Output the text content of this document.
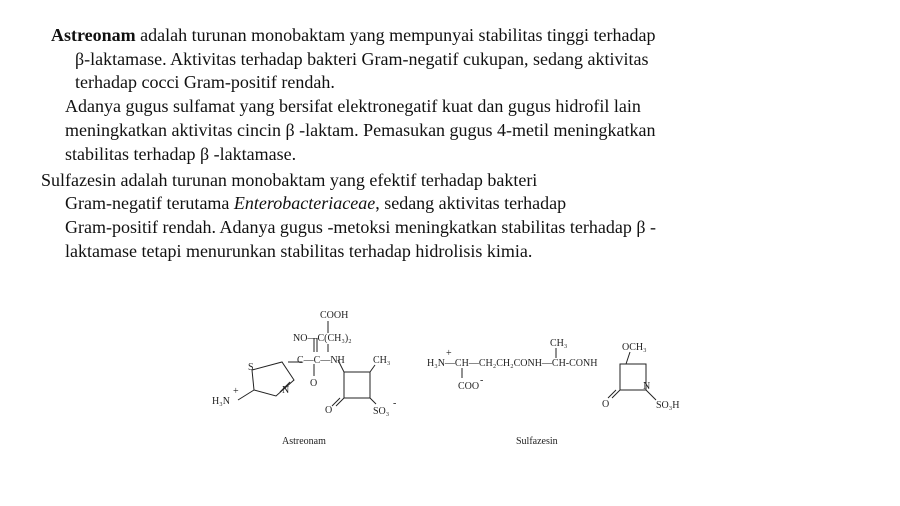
Astreonam adalah turunan monobaktam yang mempunyai stabilitas tinggi terhadap
β-laktamase. Aktivitas terhadap bakteri Gram-negatif cukupan, sedang aktivitas
terhadap cocci Gram-positif rendah.
Adanya gugus sulfamat yang bersifat elektronegatif kuat dan gugus hidrofil lain
meningkatkan aktivitas cincin β -laktam. Pemasukan gugus 4-metil meningkatkan
stabilitas terhadap β -laktamase.
Sulfazesin adalah turunan monobaktam yang efektif terhadap bakteri
Gram-negatif terutama Enterobacteriaceae, sedang aktivitas terhadap
Gram-positif rendah. Adanya gugus -metoksi meningkatkan stabilitas terhadap β -
laktamase tetapi menurunkan stabilitas terhadap hidrolisis kimia.
COOH
NO—C(CH₃)₂
C—C—NH	CH₃
O
S
N
H₃N
+
O	SO₃
-
Astreonam
H₃N—CH—CH₂CH₂CONH—CH-CONH
+
CH₃
COO
-
OCH₃
N
O	SO₃H
Sulfazesin
